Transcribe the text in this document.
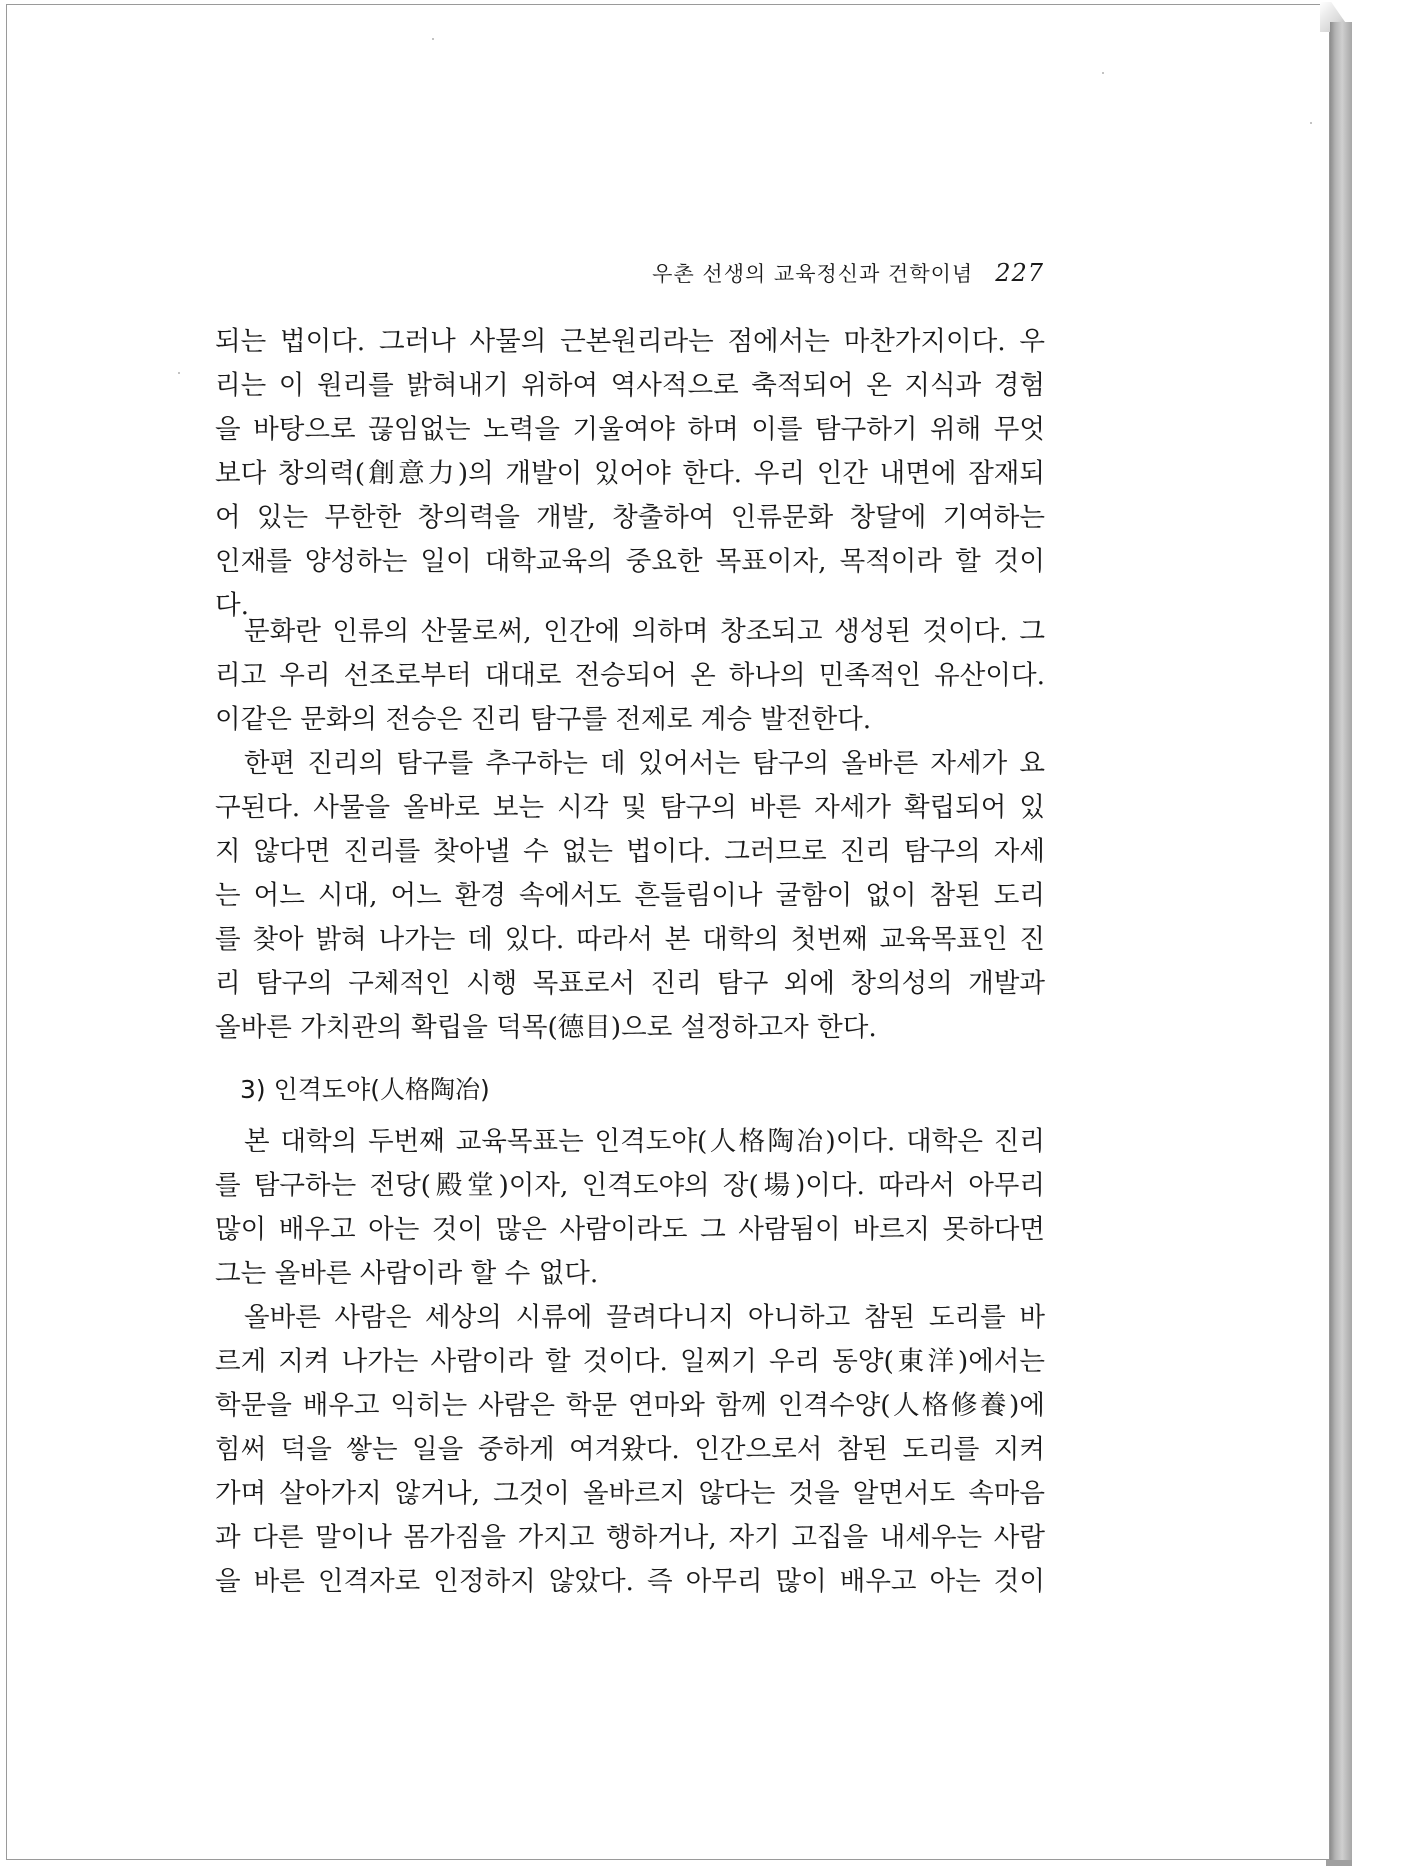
우촌 선생의 교육정신과 건학이념 227
되는 법이다. 그러나 사물의 근본원리라는 점에서는 마찬가지이다. 우
리는 이 원리를 밝혀내기 위하여 역사적으로 축적되어 온 지식과 경험
을 바탕으로 끊임없는 노력을 기울여야 하며 이를 탐구하기 위해 무엇
보다 창의력(創意力)의 개발이 있어야 한다. 우리 인간 내면에 잠재되
어 있는 무한한 창의력을 개발, 창출하여 인류문화 창달에 기여하는
인재를 양성하는 일이 대학교육의 중요한 목표이자, 목적이라 할 것이
다.
문화란 인류의 산물로써, 인간에 의하며 창조되고 생성된 것이다. 그
리고 우리 선조로부터 대대로 전승되어 온 하나의 민족적인 유산이다.
이같은 문화의 전승은 진리 탐구를 전제로 계승 발전한다.
한편 진리의 탐구를 추구하는 데 있어서는 탐구의 올바른 자세가 요
구된다. 사물을 올바로 보는 시각 및 탐구의 바른 자세가 확립되어 있
지 않다면 진리를 찾아낼 수 없는 법이다. 그러므로 진리 탐구의 자세
는 어느 시대, 어느 환경 속에서도 흔들림이나 굴함이 없이 참된 도리
를 찾아 밝혀 나가는 데 있다. 따라서 본 대학의 첫번째 교육목표인 진
리 탐구의 구체적인 시행 목표로서 진리 탐구 외에 창의성의 개발과
올바른 가치관의 확립을 덕목(德目)으로 설정하고자 한다.
3) 인격도야(人格陶冶)
본 대학의 두번째 교육목표는 인격도야(人格陶冶)이다. 대학은 진리
를 탐구하는 전당(殿堂)이자, 인격도야의 장(場)이다. 따라서 아무리
많이 배우고 아는 것이 많은 사람이라도 그 사람됨이 바르지 못하다면
그는 올바른 사람이라 할 수 없다.
올바른 사람은 세상의 시류에 끌려다니지 아니하고 참된 도리를 바
르게 지켜 나가는 사람이라 할 것이다. 일찌기 우리 동양(東洋)에서는
학문을 배우고 익히는 사람은 학문 연마와 함께 인격수양(人格修養)에
힘써 덕을 쌓는 일을 중하게 여겨왔다. 인간으로서 참된 도리를 지켜
가며 살아가지 않거나, 그것이 올바르지 않다는 것을 알면서도 속마음
과 다른 말이나 몸가짐을 가지고 행하거나, 자기 고집을 내세우는 사람
을 바른 인격자로 인정하지 않았다. 즉 아무리 많이 배우고 아는 것이
